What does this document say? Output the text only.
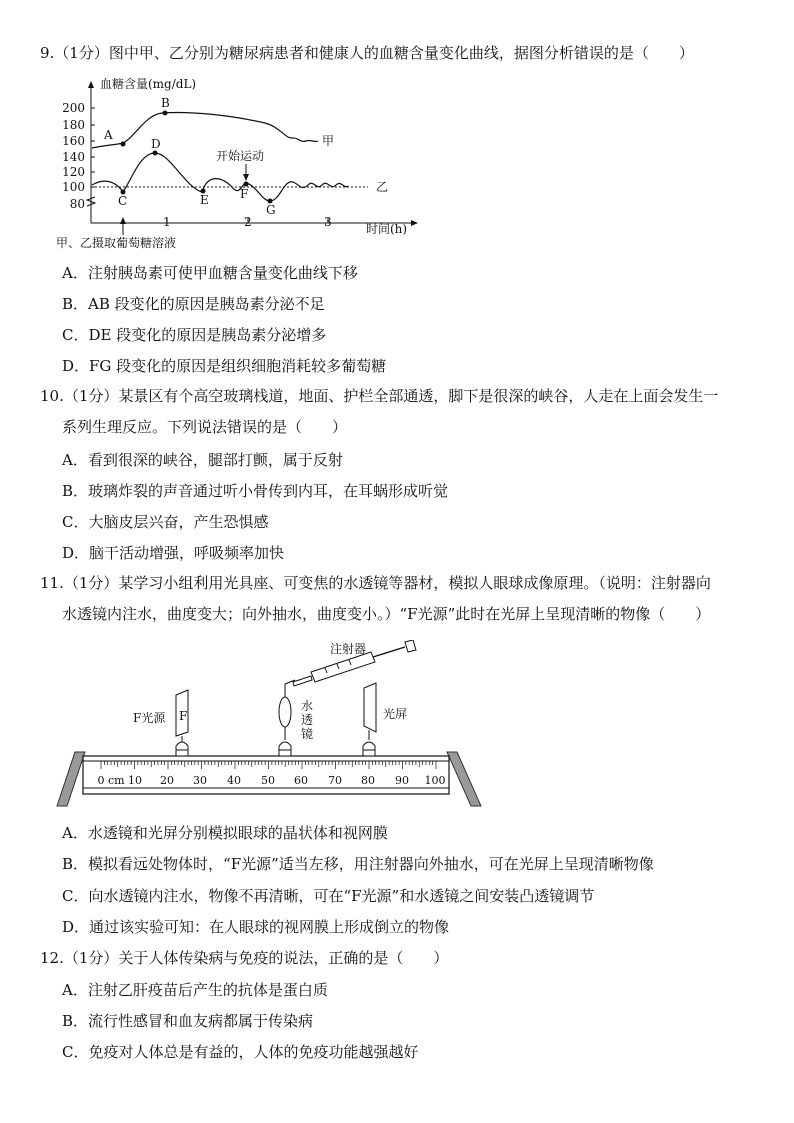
9.（1分）图中甲、乙分别为糖尿病患者和健康人的血糖含量变化曲线，据图分析错误的是（　　）
血糖含量(mg/dL)
200
180
160
140
120
100
80
1	2	3	时间(h)
甲
乙
A
B
C
D
E	F
G
开始运动
甲、乙摄取葡萄糖溶液
A．注射胰岛素可使甲血糖含量变化曲线下移
B．AB 段变化的原因是胰岛素分泌不足
C．DE 段变化的原因是胰岛素分泌增多
D．FG 段变化的原因是组织细胞消耗较多葡萄糖
10.（1分）某景区有个高空玻璃栈道，地面、护栏全部通透，脚下是很深的峡谷，人走在上面会发生一
系列生理反应。下列说法错误的是（　　）
A．看到很深的峡谷，腿部打颤，属于反射
B．玻璃炸裂的声音通过听小骨传到内耳，在耳蜗形成听觉
C．大脑皮层兴奋，产生恐惧感
D．脑干活动增强，呼吸频率加快
11.（1分）某学习小组利用光具座、可变焦的水透镜等器材，模拟人眼球成像原理。（说明：注射器向
水透镜内注水，曲度变大；向外抽水，曲度变小。）“F光源”此时在光屏上呈现清晰的物像（　　）
0 cm 10 20 30 40 50 60 70 80 90 100
F
F光源
水
透
镜
注射器
光屏
A．水透镜和光屏分别模拟眼球的晶状体和视网膜
B．模拟看远处物体时，“F光源”适当左移，用注射器向外抽水，可在光屏上呈现清晰物像
C．向水透镜内注水，物像不再清晰，可在“F光源”和水透镜之间安装凸透镜调节
D．通过该实验可知：在人眼球的视网膜上形成倒立的物像
12.（1分）关于人体传染病与免疫的说法，正确的是（　　）
A．注射乙肝疫苗后产生的抗体是蛋白质
B．流行性感冒和血友病都属于传染病
C．免疫对人体总是有益的，人体的免疫功能越强越好
